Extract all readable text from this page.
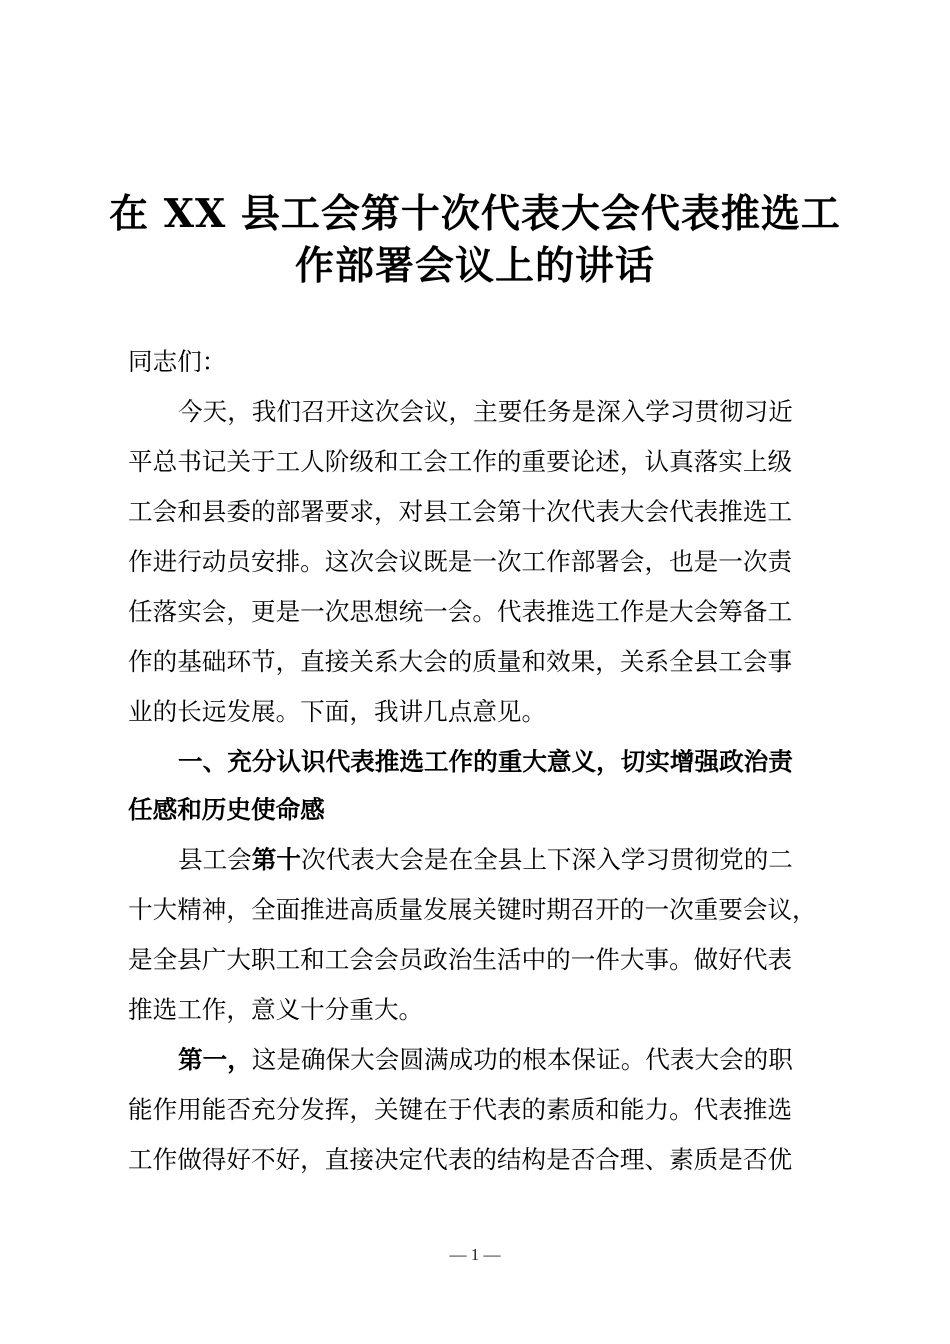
在 XX 县工会第十次代表大会代表推选工
作部署会议上的讲话
同志们：
今天，我们召开这次会议，主要任务是深入学习贯彻习近
平总书记关于工人阶级和工会工作的重要论述，认真落实上级
工会和县委的部署要求，对县工会第十次代表大会代表推选工
作进行动员安排。这次会议既是一次工作部署会，也是一次责
任落实会，更是一次思想统一会。代表推选工作是大会筹备工
作的基础环节，直接关系大会的质量和效果，关系全县工会事
业的长远发展。下面，我讲几点意见。
一、充分认识代表推选工作的重大意义，切实增强政治责
任感和历史使命感
县工会第十次代表大会是在全县上下深入学习贯彻党的二
十大精神，全面推进高质量发展关键时期召开的一次重要会议，
是全县广大职工和工会会员政治生活中的一件大事。做好代表
推选工作，意义十分重大。
第一，这是确保大会圆满成功的根本保证。代表大会的职
能作用能否充分发挥，关键在于代表的素质和能力。代表推选
工作做得好不好，直接决定代表的结构是否合理、素质是否优
— 1 —
